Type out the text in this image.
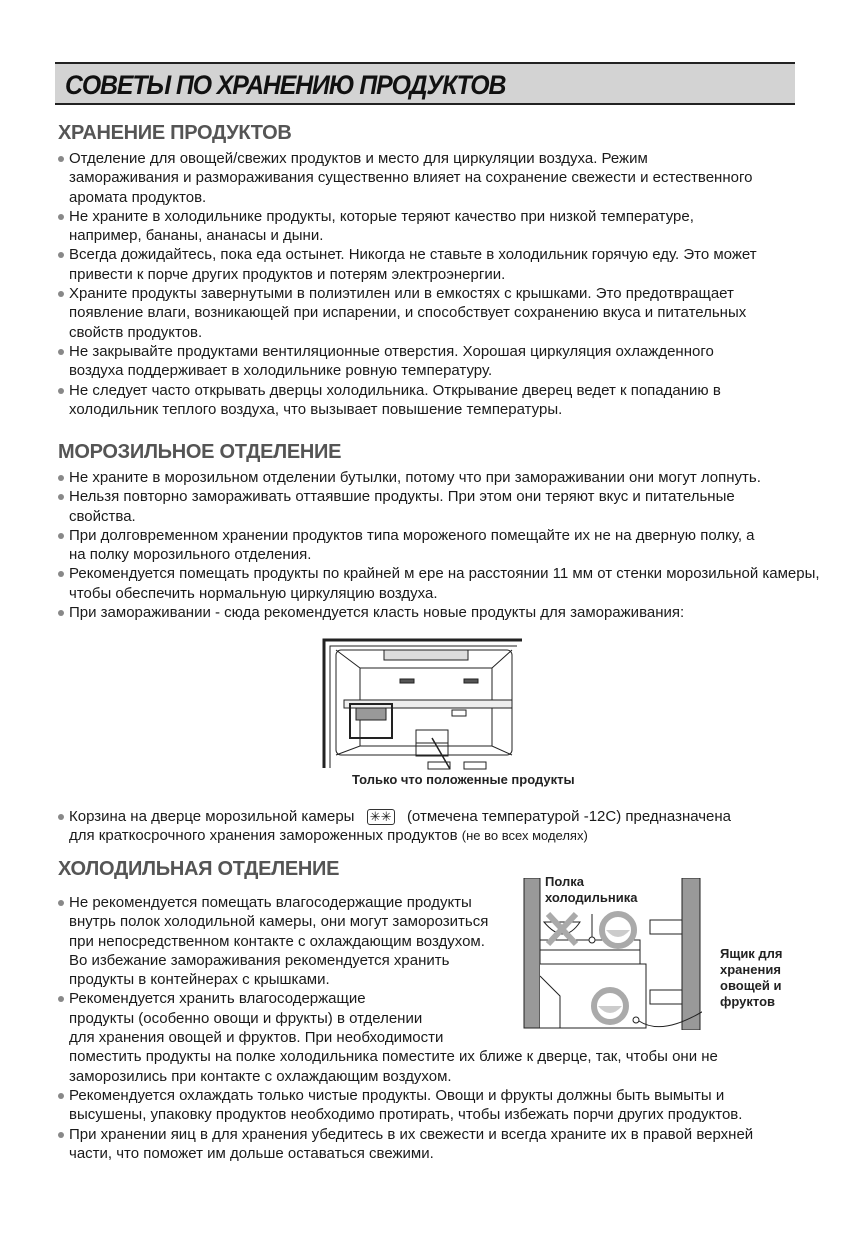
СОВЕТЫ ПО ХРАНЕНИЮ ПРОДУКТОВ
ХРАНЕНИЕ ПРОДУКТОВ
Отделение для овощей/свежих продуктов и место для циркуляции воздуха. Режим
замораживания и размораживания существенно влияет на сохранение свежести и естественного
аромата продуктов.
Не храните в холодильнике продукты, которые теряют качество при низкой температуре,
например, бананы, ананасы и дыни.
Всегда дожидайтесь, пока еда остынет. Никогда не ставьте в холодильник горячую еду. Это может
привести к порче других продуктов и потерям электроэнергии.
Храните продукты завернутыми в полиэтилен или в емкостях с крышками. Это предотвращает
появление влаги, возникающей при испарении, и способствует сохранению вкуса и питательных
свойств продуктов.
Не закрывайте продуктами вентиляционные отверстия. Хорошая циркуляция охлажденного
воздуха поддерживает в холодильнике ровную температуру.
Не следует часто открывать дверцы холодильника. Открывание дверец ведет к попаданию в
холодильник теплого воздуха, что вызывает повышение температуры.
МОРОЗИЛЬНОЕ ОТДЕЛЕНИЕ
Не храните в морозильном отделении бутылки, потому что при замораживании они могут лопнуть.
Нельзя повторно замораживать оттаявшие продукты. При этом они теряют вкус и питательные
свойства.
При долговременном хранении продуктов типа мороженого помещайте их не на дверную полку, а
на полку морозильного отделения.
Рекомендуется помещать продукты по крайней м ере на расстоянии 11 мм от стенки морозильной камеры,
чтобы обеспечить нормальную циркуляцию воздуха.
При замораживании - сюда рекомендуется класть новые продукты для замораживания:
Только что положенные продукты
Корзина на дверце морозильной камеры ✳✳ (отмечена температурой -12С) предназначена
для краткосрочного хранения замороженных продуктов (не во всех моделях)
ХОЛОДИЛЬНАЯ ОТДЕЛЕНИЕ
Не рекомендуется помещать влагосодержащие продукты
внутрь полок холодильной камеры, они могут заморозиться
при непосредственном контакте с охлаждающим воздухом.
Во избежание замораживания рекомендуется хранить
продукты в контейнерах с крышками.
Рекомендуется хранить влагосодержащие
продукты (особенно овощи и фрукты) в отделении
для хранения овощей и фруктов. При необходимости
поместить продукты на полке холодильника поместите их ближе к дверце, так, чтобы они не
заморозились при контакте с охлаждающим воздухом.
Рекомендуется охлаждать только чистые продукты. Овощи и фрукты должны быть вымыты и
высушены, упаковку продуктов необходимо протирать, чтобы избежать порчи других продуктов.
При хранении яиц в для хранения убедитесь в их свежести и всегда храните их в правой верхней
части, что поможет им дольше оставаться свежими.
Полка
холодильника
Ящик для
хранения
овощей и
фруктов
